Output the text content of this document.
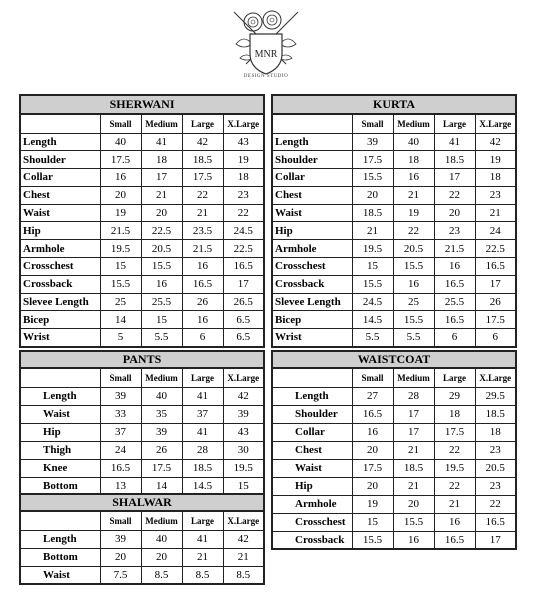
MNR
DESIGN STUDIO
SHERWANI				
	Small	Medium	Large	X.Large
Length	40	41	42	43
Shoulder	17.5	18	18.5	19
Collar	16	17	17.5	18
Chest	20	21	22	23
Waist	19	20	21	22
Hip	21.5	22.5	23.5	24.5
Armhole	19.5	20.5	21.5	22.5
Crosschest	15	15.5	16	16.5
Crossback	15.5	16	16.5	17
Slevee Length	25	25.5	26	26.5
Bicep	14	15	16	6.5
Wrist	5	5.5	6	6.5
KURTA				
	Small	Medium	Large	X.Large
Length	39	40	41	42
Shoulder	17.5	18	18.5	19
Collar	15.5	16	17	18
Chest	20	21	22	23
Waist	18.5	19	20	21
Hip	21	22	23	24
Armhole	19.5	20.5	21.5	22.5
Crosschest	15	15.5	16	16.5
Crossback	15.5	16	16.5	17
Slevee Length	24.5	25	25.5	26
Bicep	14.5	15.5	16.5	17.5
Wrist	5.5	5.5	6	6
PANTS				
	Small	Medium	Large	X.Large
Length	39	40	41	42
Waist	33	35	37	39
Hip	37	39	41	43
Thigh	24	26	28	30
Knee	16.5	17.5	18.5	19.5
Bottom	13	14	14.5	15
SHALWAR				
	Small	Medium	Large	X.Large
Length	39	40	41	42
Bottom	20	20	21	21
Waist	7.5	8.5	8.5	8.5
WAISTCOAT				
	Small	Medium	Large	X.Large
Length	27	28	29	29.5
Shoulder	16.5	17	18	18.5
Collar	16	17	17.5	18
Chest	20	21	22	23
Waist	17.5	18.5	19.5	20.5
Hip	20	21	22	23
Armhole	19	20	21	22
Crosschest	15	15.5	16	16.5
Crossback	15.5	16	16.5	17
